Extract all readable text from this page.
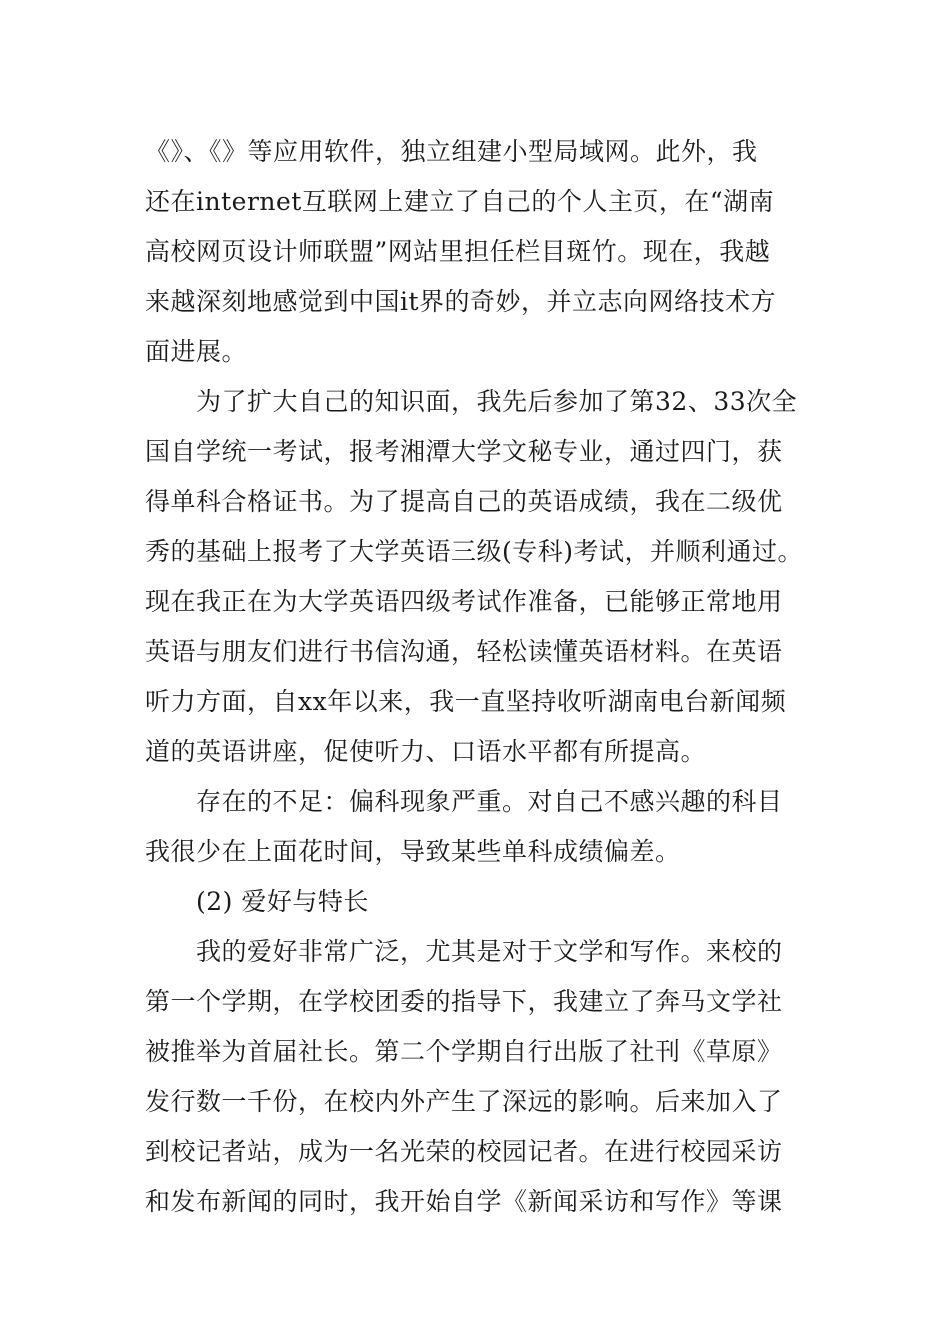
《》、《》等应用软件，独立组建小型局域网。此外，我
还在internet互联网上建立了自己的个人主页，在“湖南
高校网页设计师联盟”网站里担任栏目斑竹。现在，我越
来越深刻地感觉到中国it界的奇妙，并立志向网络技术方
面进展。
为了扩大自己的知识面，我先后参加了第32、33次全
国自学统一考试，报考湘潭大学文秘专业，通过四门，获
得单科合格证书。为了提高自己的英语成绩，我在二级优
秀的基础上报考了大学英语三级(专科)考试，并顺利通过。
现在我正在为大学英语四级考试作准备，已能够正常地用
英语与朋友们进行书信沟通，轻松读懂英语材料。在英语
听力方面，自xx年以来，我一直坚持收听湖南电台新闻频
道的英语讲座，促使听力、口语水平都有所提高。
存在的不足：偏科现象严重。对自己不感兴趣的科目
我很少在上面花时间，导致某些单科成绩偏差。
(2) 爱好与特长
我的爱好非常广泛，尤其是对于文学和写作。来校的
第一个学期，在学校团委的指导下，我建立了奔马文学社
被推举为首届社长。第二个学期自行出版了社刊《草原》
发行数一千份，在校内外产生了深远的影响。后来加入了
到校记者站，成为一名光荣的校园记者。在进行校园采访
和发布新闻的同时，我开始自学《新闻采访和写作》等课
